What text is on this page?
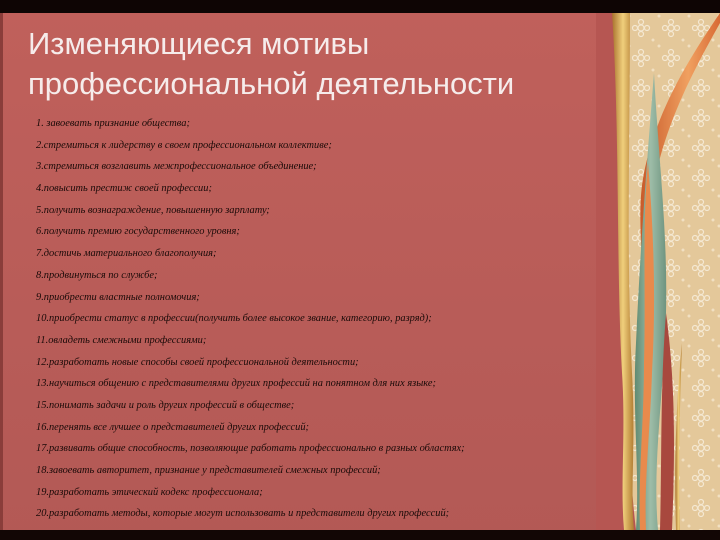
Изменяющиеся мотивы
профессиональной деятельности
1. завоевать признание общества;
2.стремиться к лидерству в своем профессиональном коллективе;
3.стремиться возглавить межпрофессиональное объединение;
4.повысить престиж своей профессии;
5.получить вознаграждение, повышенную зарплату;
6.получить премию государственного уровня;
7.достичь материального благополучия;
8.продвинуться по службе;
9.приобрести властные полномочия;
10.приобрести статус в профессии(получить более высокое звание, категорию, разряд);
11.овладеть смежными профессиями;
12.разработать новые способы своей профессиональной деятельности;
13.научиться общению с представителями других профессий на понятном для них языке;
15.понимать задачи и роль других профессий в обществе;
16.перенять все лучшее о представителей других профессий;
17.развивать общие способность, позволяющие работать профессионально в разных областях;
18.завоевать авторитет, признание у представителей смежных профессий;
19.разработать этический кодекс профессионала;
20.разработать методы, которые могут использовать и представители других профессий;
